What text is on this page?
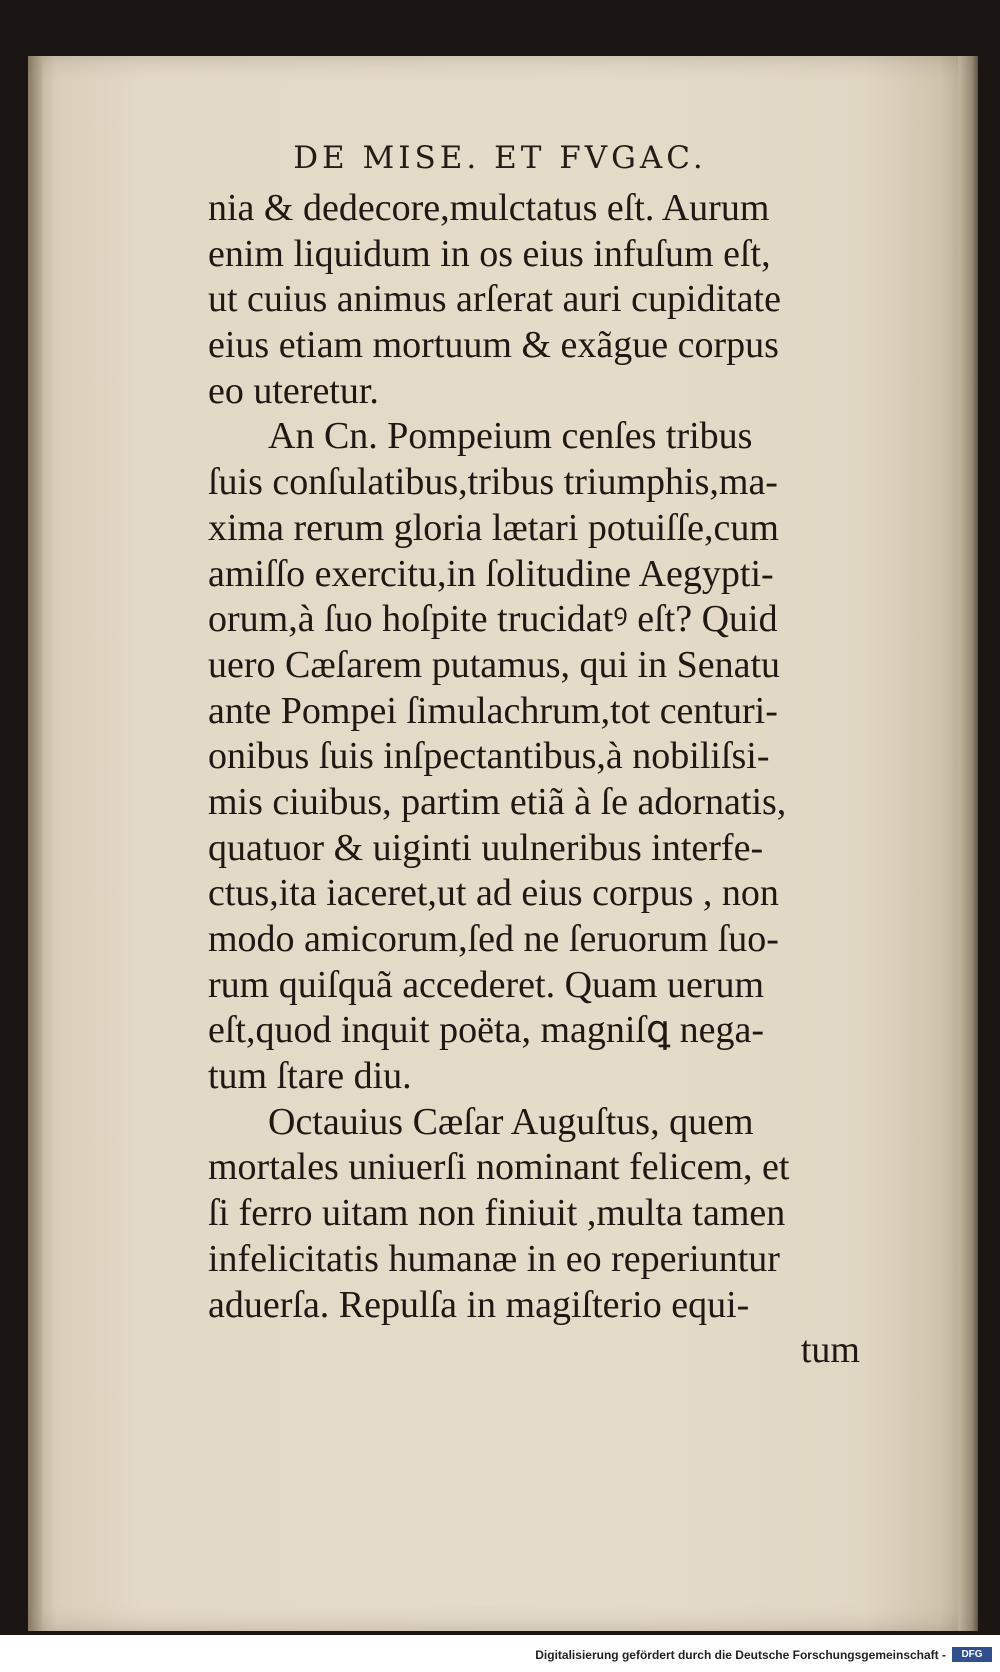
DE MISE. ET FVGAC.
nia & dedecore,mulctatus eſt. Aurum
enim liquidum in os eius infuſum eſt,
ut cuius animus arſerat auri cupiditate
eius etiam mortuum & exãgue corpus
eo uteretur.
An Cn. Pompeium cenſes tribus
ſuis conſulatibus,tribus triumphis,ma-
xima rerum gloria lætari potuiſſe,cum
amiſſo exercitu,in ſolitudine Aegypti-
orum,à ſuo hoſpite trucidatꝰ eſt? Quid
uero Cæſarem putamus, qui in Senatu
ante Pompei ſimulachrum,tot centuri-
onibus ſuis inſpectantibus,à nobiliſsi-
mis ciuibus, partim etiã à ſe adornatis,
quatuor & uiginti uulneribus interfe-
ctus,ita iaceret,ut ad eius corpus , non
modo amicorum,ſed ne ſeruorum ſuo-
rum quiſquã accederet. Quam uerum
eſt,quod inquit poëta, magniſꝗ nega-
tum ſtare diu.
Octauius Cæſar Auguſtus, quem
mortales uniuerſi nominant felicem, et
ſi ferro uitam non finiuit ,multa tamen
infelicitatis humanæ in eo reperiuntur
aduerſa. Repulſa in magiſterio equi-
tum
Digitalisierung gefördert durch die Deutsche Forschungsgemeinschaft -	DFG
